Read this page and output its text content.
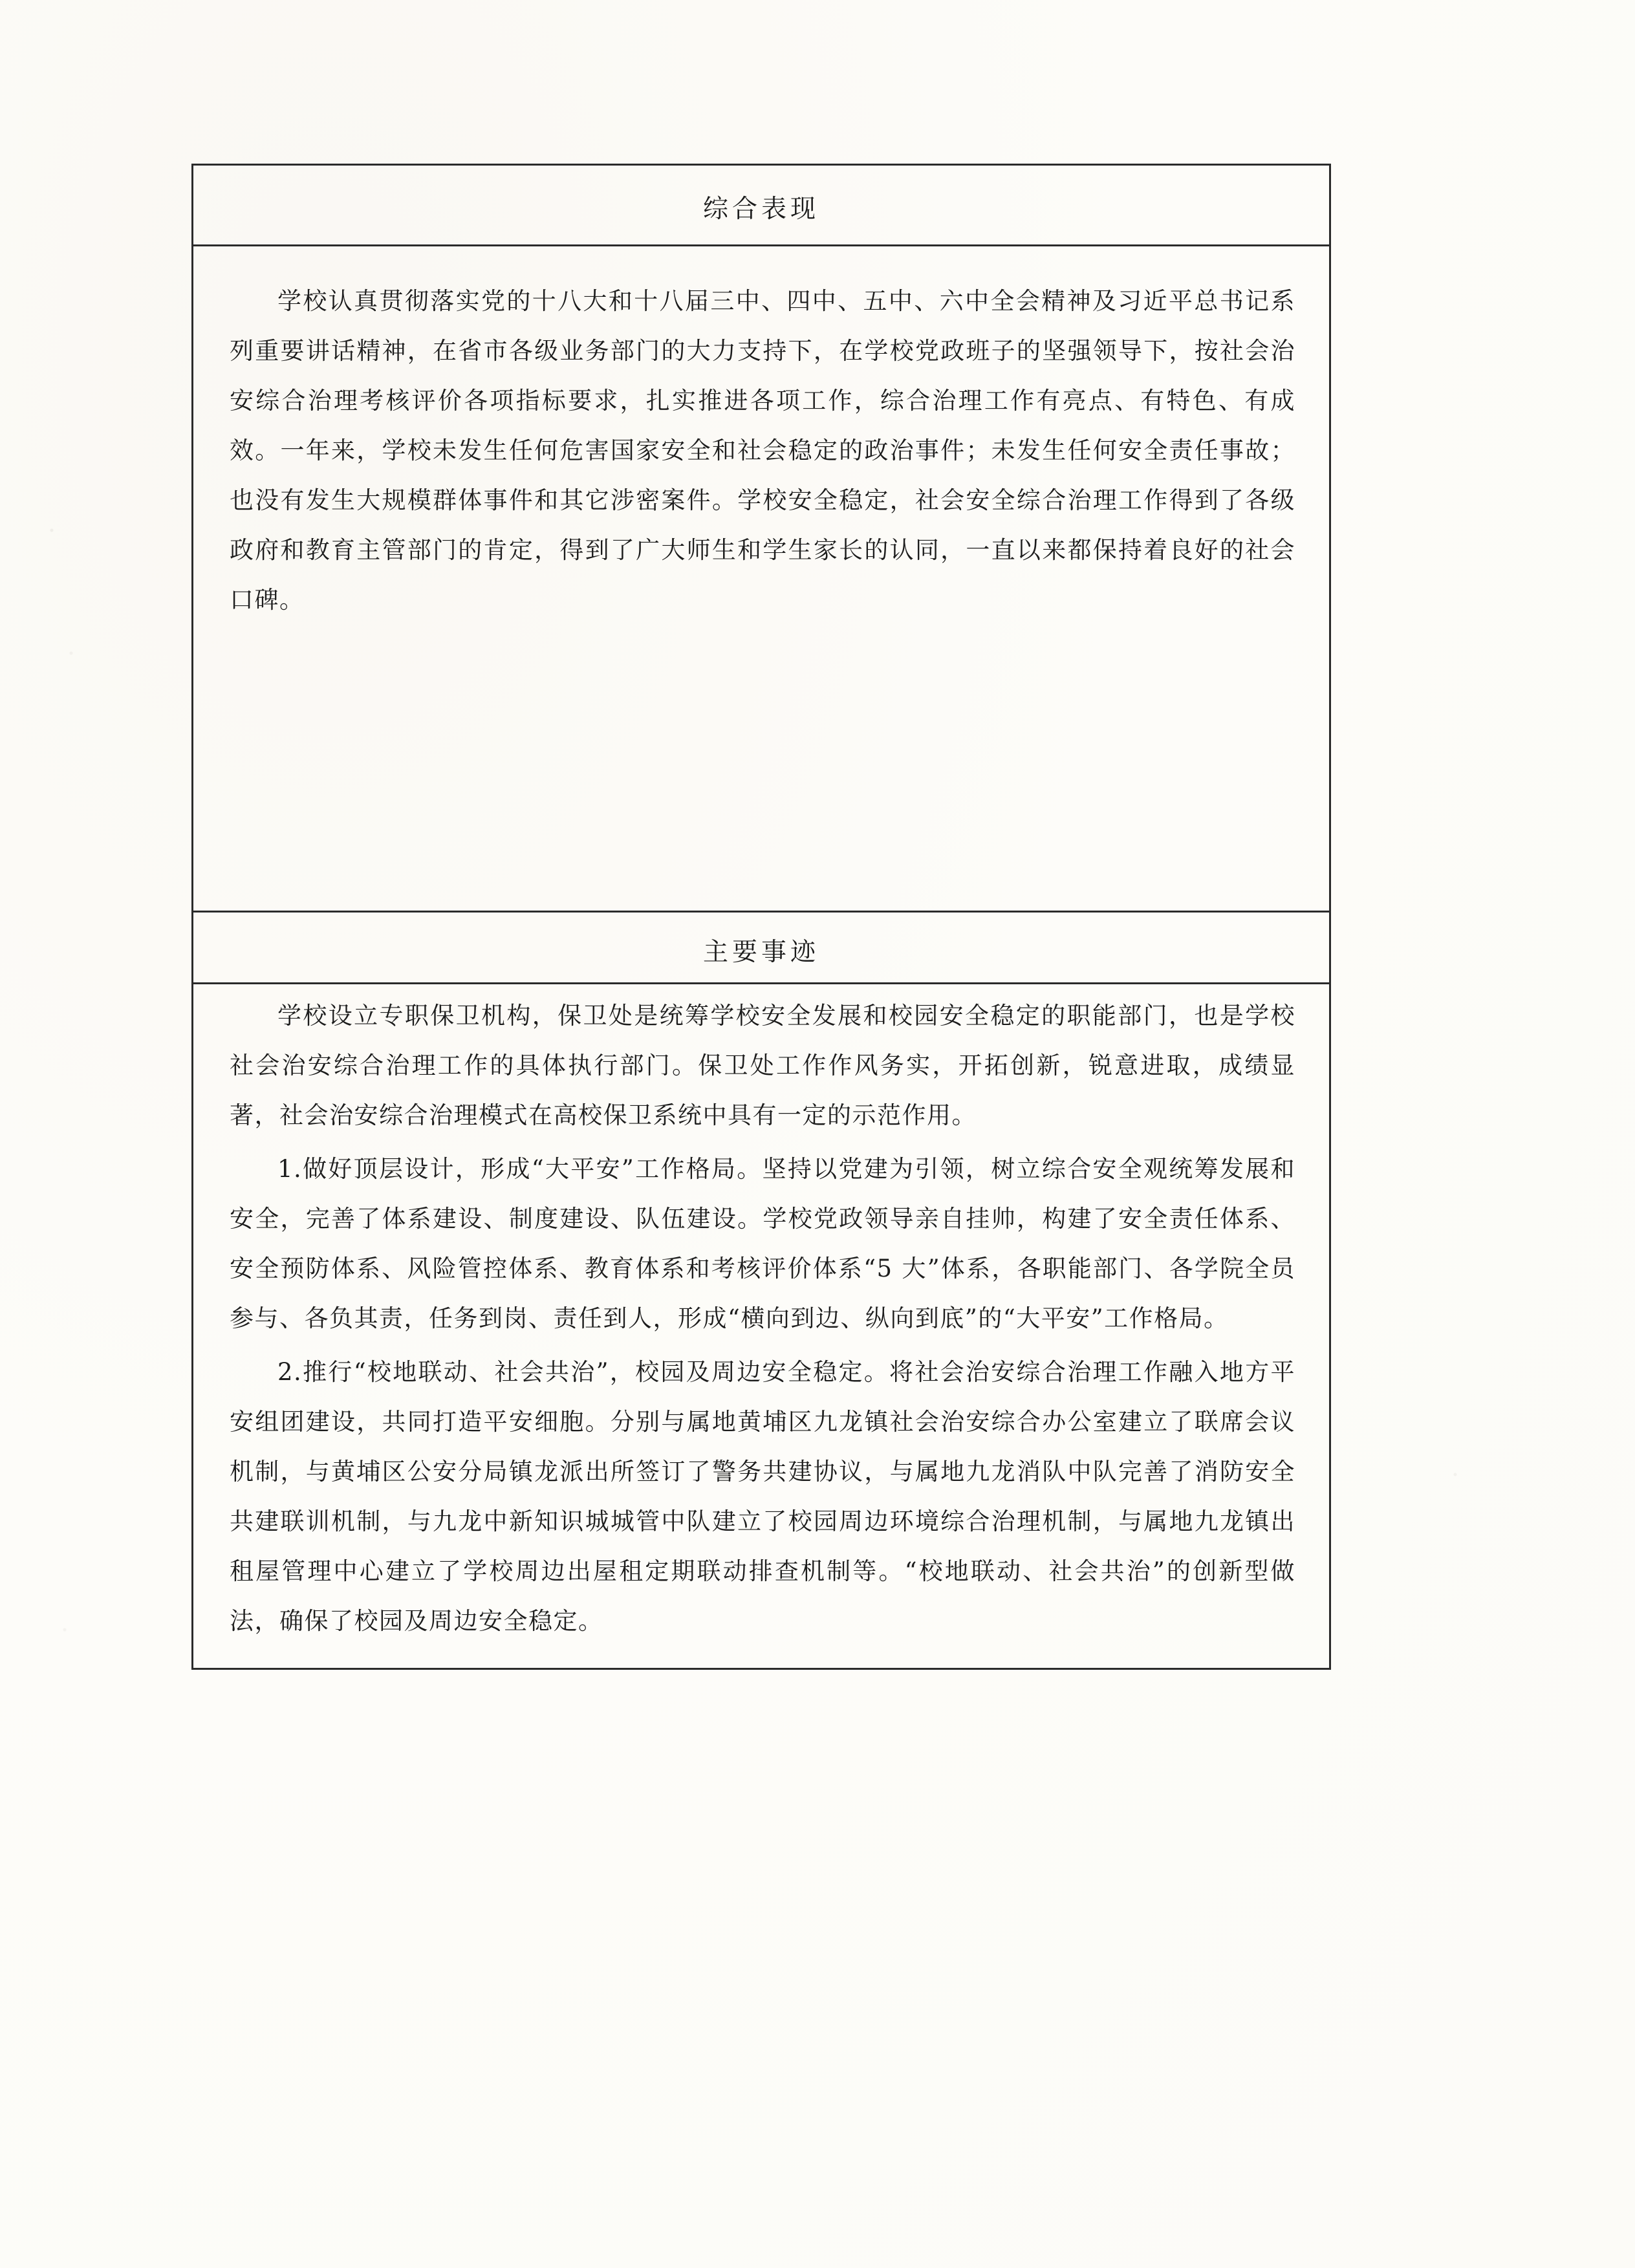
综合表现

学校认真贯彻落实党的十八大和十八届三中、四中、五中、六中全会精神及习近平总书记系列重要讲话精神，在省市各级业务部门的大力支持下，在学校党政班子的坚强领导下，按社会治安综合治理考核评价各项指标要求，扎实推进各项工作，综合治理工作有亮点、有特色、有成效。一年来，学校未发生任何危害国家安全和社会稳定的政治事件；未发生任何安全责任事故；也没有发生大规模群体事件和其它涉密案件。学校安全稳定，社会安全综合治理工作得到了各级政府和教育主管部门的肯定，得到了广大师生和学生家长的认同，一直以来都保持着良好的社会口碑。

主要事迹

学校设立专职保卫机构，保卫处是统筹学校安全发展和校园安全稳定的职能部门，也是学校社会治安综合治理工作的具体执行部门。保卫处工作作风务实，开拓创新，锐意进取，成绩显著，社会治安综合治理模式在高校保卫系统中具有一定的示范作用。

1.做好顶层设计，形成“大平安”工作格局。坚持以党建为引领，树立综合安全观统筹发展和安全，完善了体系建设、制度建设、队伍建设。学校党政领导亲自挂帅，构建了安全责任体系、安全预防体系、风险管控体系、教育体系和考核评价体系“5 大”体系，各职能部门、各学院全员参与、各负其责，任务到岗、责任到人，形成“横向到边、纵向到底”的“大平安”工作格局。

2.推行“校地联动、社会共治”，校园及周边安全稳定。将社会治安综合治理工作融入地方平安组团建设，共同打造平安细胞。分别与属地黄埔区九龙镇社会治安综合办公室建立了联席会议机制，与黄埔区公安分局镇龙派出所签订了警务共建协议，与属地九龙消队中队完善了消防安全共建联训机制，与九龙中新知识城城管中队建立了校园周边环境综合治理机制，与属地九龙镇出租屋管理中心建立了学校周边出屋租定期联动排查机制等。“校地联动、社会共治”的创新型做法，确保了校园及周边安全稳定。
